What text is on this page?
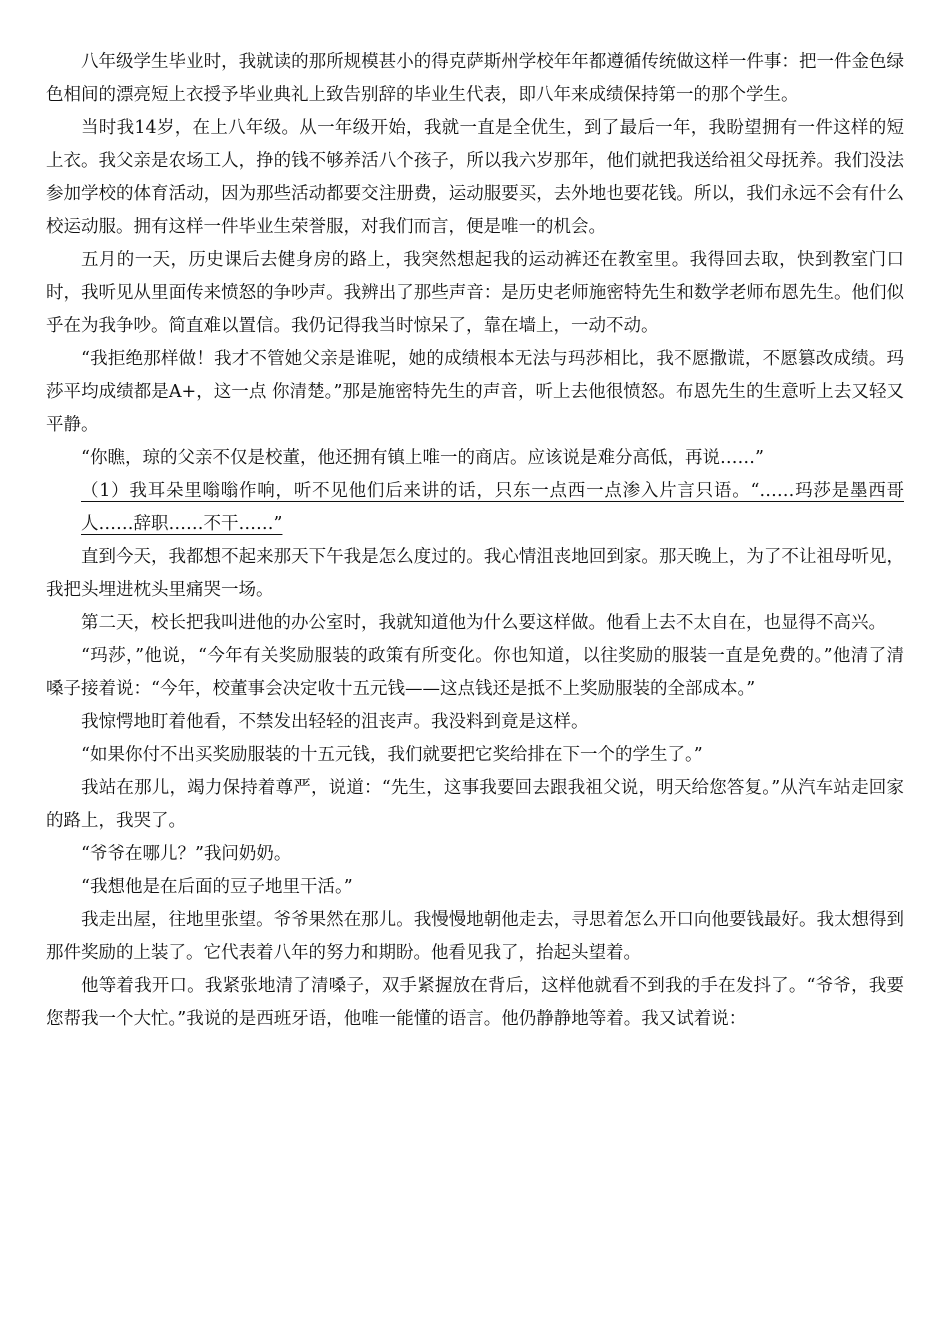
八年级学生毕业时，我就读的那所规模甚小的得克萨斯州学校年年都遵循传统做这样一件事：把一件金色绿色相间的漂亮短上衣授予毕业典礼上致告别辞的毕业生代表，即八年来成绩保持第一的那个学生。

当时我14岁，在上八年级。从一年级开始，我就一直是全优生，到了最后一年，我盼望拥有一件这样的短上衣。我父亲是农场工人，挣的钱不够养活八个孩子，所以我六岁那年，他们就把我送给祖父母抚养。我们没法参加学校的体育活动，因为那些活动都要交注册费，运动服要买，去外地也要花钱。所以，我们永远不会有什么校运动服。拥有这样一件毕业生荣誉服，对我们而言，便是唯一的机会。

五月的一天，历史课后去健身房的路上，我突然想起我的运动裤还在教室里。我得回去取，快到教室门口时，我听见从里面传来愤怒的争吵声。我辨出了那些声音：是历史老师施密特先生和数学老师布恩先生。他们似乎在为我争吵。简直难以置信。我仍记得我当时惊呆了，靠在墙上，一动不动。

“我拒绝那样做！我才不管她父亲是谁呢，她的成绩根本无法与玛莎相比，我不愿撒谎，不愿篡改成绩。玛莎平均成绩都是A+，这一点 你清楚。”那是施密特先生的声音，听上去他很愤怒。布恩先生的生意听上去又轻又平静。

“你瞧，琼的父亲不仅是校董，他还拥有镇上唯一的商店。应该说是难分高低，再说……”

（1）我耳朵里嗡嗡作响，听不见他们后来讲的话，只东一点西一点渗入片言只语。“……玛莎是墨西哥人……辞职……不干……”

直到今天，我都想不起来那天下午我是怎么度过的。我心情沮丧地回到家。那天晚上，为了不让祖母听见，我把头埋进枕头里痛哭一场。

第二天，校长把我叫进他的办公室时，我就知道他为什么要这样做。他看上去不太自在，也显得不高兴。

“玛莎，”他说，“今年有关奖励服装的政策有所变化。你也知道，以往奖励的服装一直是免费的。”他清了清嗓子接着说：“今年，校董事会决定收十五元钱——这点钱还是抵不上奖励服装的全部成本。”

我惊愕地盯着他看，不禁发出轻轻的沮丧声。我没料到竟是这样。

“如果你付不出买奖励服装的十五元钱，我们就要把它奖给排在下一个的学生了。”

我站在那儿，竭力保持着尊严，说道：“先生，这事我要回去跟我祖父说，明天给您答复。”从汽车站走回家的路上，我哭了。

“爷爷在哪儿？”我问奶奶。

“我想他是在后面的豆子地里干活。”

我走出屋，往地里张望。爷爷果然在那儿。我慢慢地朝他走去，寻思着怎么开口向他要钱最好。我太想得到那件奖励的上装了。它代表着八年的努力和期盼。他看见我了，抬起头望着。

他等着我开口。我紧张地清了清嗓子，双手紧握放在背后，这样他就看不到我的手在发抖了。“爷爷，我要您帮我一个大忙。”我说的是西班牙语，他唯一能懂的语言。他仍静静地等着。我又试着说：
